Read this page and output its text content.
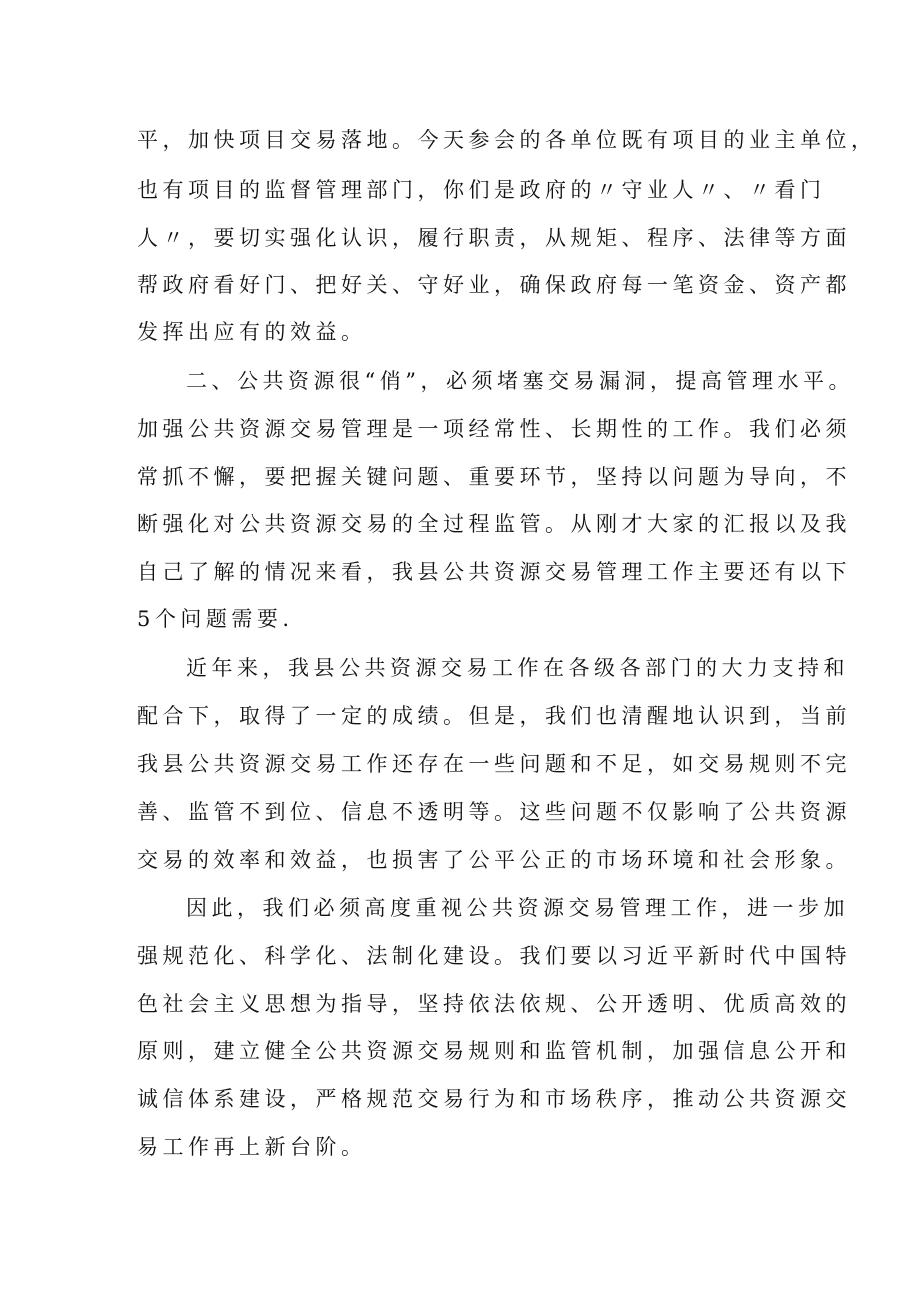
平，加快项目交易落地。今天参会的各单位既有项目的业主单位，
也有项目的监督管理部门，你们是政府的〃守业人〃、〃看门
人〃，要切实强化认识，履行职责，从规矩、程序、法律等方面
帮政府看好门、把好关、守好业，确保政府每一笔资金、资产都
发挥出应有的效益。
二、公共资源很“俏”，必须堵塞交易漏洞，提高管理水平。
加强公共资源交易管理是一项经常性、长期性的工作。我们必须
常抓不懈，要把握关键问题、重要环节，坚持以问题为导向，不
断强化对公共资源交易的全过程监管。从刚才大家的汇报以及我
自己了解的情况来看，我县公共资源交易管理工作主要还有以下
5个问题需要.
近年来，我县公共资源交易工作在各级各部门的大力支持和
配合下，取得了一定的成绩。但是，我们也清醒地认识到，当前
我县公共资源交易工作还存在一些问题和不足，如交易规则不完
善、监管不到位、信息不透明等。这些问题不仅影响了公共资源
交易的效率和效益，也损害了公平公正的市场环境和社会形象。
因此，我们必须高度重视公共资源交易管理工作，进一步加
强规范化、科学化、法制化建设。我们要以习近平新时代中国特
色社会主义思想为指导，坚持依法依规、公开透明、优质高效的
原则，建立健全公共资源交易规则和监管机制，加强信息公开和
诚信体系建设，严格规范交易行为和市场秩序，推动公共资源交
易工作再上新台阶。
